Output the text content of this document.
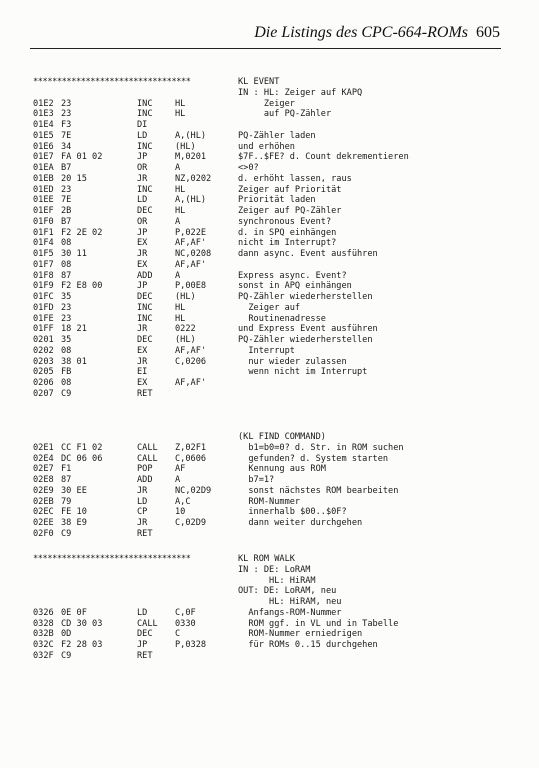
Die Listings des CPC-664-ROMs 605
*********************************	KL EVENT
IN : HL: Zeiger auf KAPQ
01E2 23	INC	HL	Zeiger
01E3 23	INC	HL	auf PQ-Zähler
01E4 F3	DI
01E5 7E	LD	A,(HL)	PQ-Zähler laden
01E6 34	INC	(HL)	und erhöhen
01E7 FA 01 02	JP	M,0201	$7F..$FE? d. Count dekrementieren
01EA B7	OR	A	<>0?
01EB 20 15	JR	NZ,0202	d. erhöht lassen, raus
01ED 23	INC	HL	Zeiger auf Priorität
01EE 7E	LD	A,(HL)	Priorität laden
01EF 2B	DEC	HL	Zeiger auf PQ-Zähler
01F0 B7	OR	A	synchronous Event?
01F1 F2 2E 02	JP	P,022E	d. in SPQ einhängen
01F4 08	EX	AF,AF'	nicht im Interrupt?
01F5 30 11	JR	NC,0208	dann async. Event ausführen
01F7 08	EX	AF,AF'
01F8 87	ADD	A	Express async. Event?
01F9 F2 E8 00	JP	P,00E8	sonst in APQ einhängen
01FC 35	DEC	(HL)	PQ-Zähler wiederherstellen
01FD 23	INC	HL	Zeiger auf
01FE 23	INC	HL	Routinenadresse
01FF 18 21	JR	0222	und Express Event ausführen
0201 35	DEC	(HL)	PQ-Zähler wiederherstellen
0202 08	EX	AF,AF'	Interrupt
0203 38 01	JR	C,0206	nur wieder zulassen
0205 FB	EI	wenn nicht im Interrupt
0206 08	EX	AF,AF'
0207 C9	RET
(KL FIND COMMAND)
02E1 CC F1 02	CALL Z,02F1	b1=b0=0? d. Str. in ROM suchen
02E4 DC 06 06	CALL C,0606	gefunden? d. System starten
02E7 F1	POP	AF	Kennung aus ROM
02E8 87	ADD	A	b7=1?
02E9 30 EE	JR	NC,02D9	sonst nächstes ROM bearbeiten
02EB 79	LD	A,C	ROM-Nummer
02EC FE 10	CP	10	innerhalb $00..$0F?
02EE 38 E9	JR	C,02D9	dann weiter durchgehen
02F0 C9	RET
*********************************	KL ROM WALK
IN : DE: LoRAM
HL: HiRAM
OUT: DE: LoRAM, neu
HL: HiRAM, neu
0326 0E 0F	LD	C,0F	Anfangs-ROM-Nummer
0328 CD 30 03	CALL 0330	ROM ggf. in VL und in Tabelle
032B 0D	DEC	C	ROM-Nummer erniedrigen
032C F2 28 03	JP	P,0328	für ROMs 0..15 durchgehen
032F C9	RET
